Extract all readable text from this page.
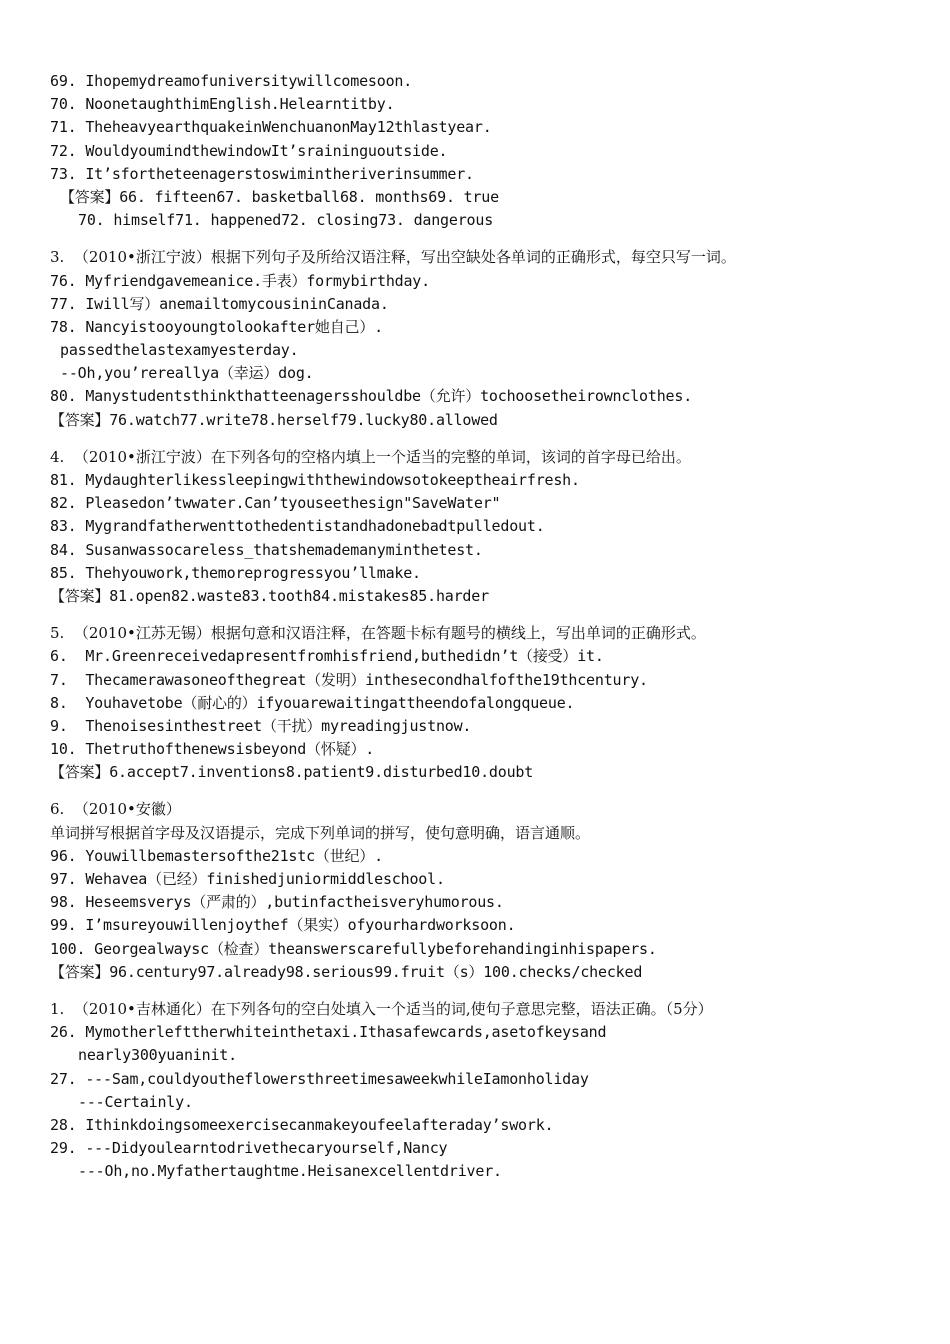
69. Ihopemydreamofuniversitywillcomesoon.
70. NoonetaughthimEnglish.Helearntitby.
71. TheheavyearthquakeinWenchuanonMay12thlastyear.
72. WouldyoumindthewindowIt’sraininguoutside.
73. It’sfortheteenagerstoswimintheriverinsummer.
【答案】66. fifteen67. basketball68. months69. true
70. himself71. happened72. closing73. dangerous
3.  （2010•浙江宁波）根据下列句子及所给汉语注释，写出空缺处各单词的正确形式，每空只写一词。
76. Myfriendgavemeanice.手表）formybirthday.
77. Iwill写）anemailtomycousininCanada.
78. Nancyistooyoungtolookafter她自己）.
passedthelastexamyesterday.
--Oh,you’rereallya（幸运）dog.
80. Manystudentsthinkthatteenagersshouldbe（允许）tochoosetheirownclothes.
【答案】76.watch77.write78.herself79.lucky80.allowed
4.  （2010•浙江宁波）在下列各句的空格内填上一个适当的完整的单词，该词的首字母已给出。
81. Mydaughterlikessleepingwiththewindowsotokeeptheairfresh.
82. Pleasedon’twwater.Can’tyouseethesign"SaveWater"
83. Mygrandfatherwenttothedentistandhadonebadtpulledout.
84. Susanwassocareless_thatshemademanyminthetest.
85. Thehyouwork,themoreprogressyou’llmake.
【答案】81.open82.waste83.tooth84.mistakes85.harder
5.  （2010•江苏无锡）根据句意和汉语注释，在答题卡标有题号的横线上，写出单词的正确形式。
6.  Mr.Greenreceivedapresentfromhisfriend,buthedidn’t（接受）it.
7.  Thecamerawasoneofthegreat（发明）inthesecondhalfofthe19thcentury.
8.  Youhavetobe（耐心的）ifyouarewaitingattheendofalongqueue.
9.  Thenoisesinthestreet（干扰）myreadingjustnow.
10. Thetruthofthenewsisbeyond（怀疑）.
【答案】6.accept7.inventions8.patient9.disturbed10.doubt
6.  （2010•安徽）
单词拼写根据首字母及汉语提示，完成下列单词的拼写，使句意明确，语言通顺。
96. Youwillbemastersofthe21stc（世纪）.
97. Wehavea（已经）finishedjuniormiddleschool.
98. Heseemsverys（严肃的）,butinfactheisveryhumorous.
99. I’msureyouwillenjoythef（果实）ofyourhardworksoon.
100. Georgealwaysc（检查）theanswerscarefullybeforehandinginhispapers.
【答案】96.century97.already98.serious99.fruit（s）100.checks/checked
1.  （2010•吉林通化）在下列各句的空白处填入一个适当的词,使句子意思完整，语法正确。（5分）
26. Mymotherlefttherwhiteinthetaxi.Ithasafewcards,asetofkeysand
nearly300yuaninit.
27. ---Sam,couldyoutheflowersthreetimesaweekwhileIamonholiday
---Certainly.
28. Ithinkdoingsomeexercisecanmakeyoufeelafteraday’swork.
29. ---Didyoulearntodrivethecaryourself,Nancy
---Oh,no.Myfathertaughtme.Heisanexcellentdriver.
